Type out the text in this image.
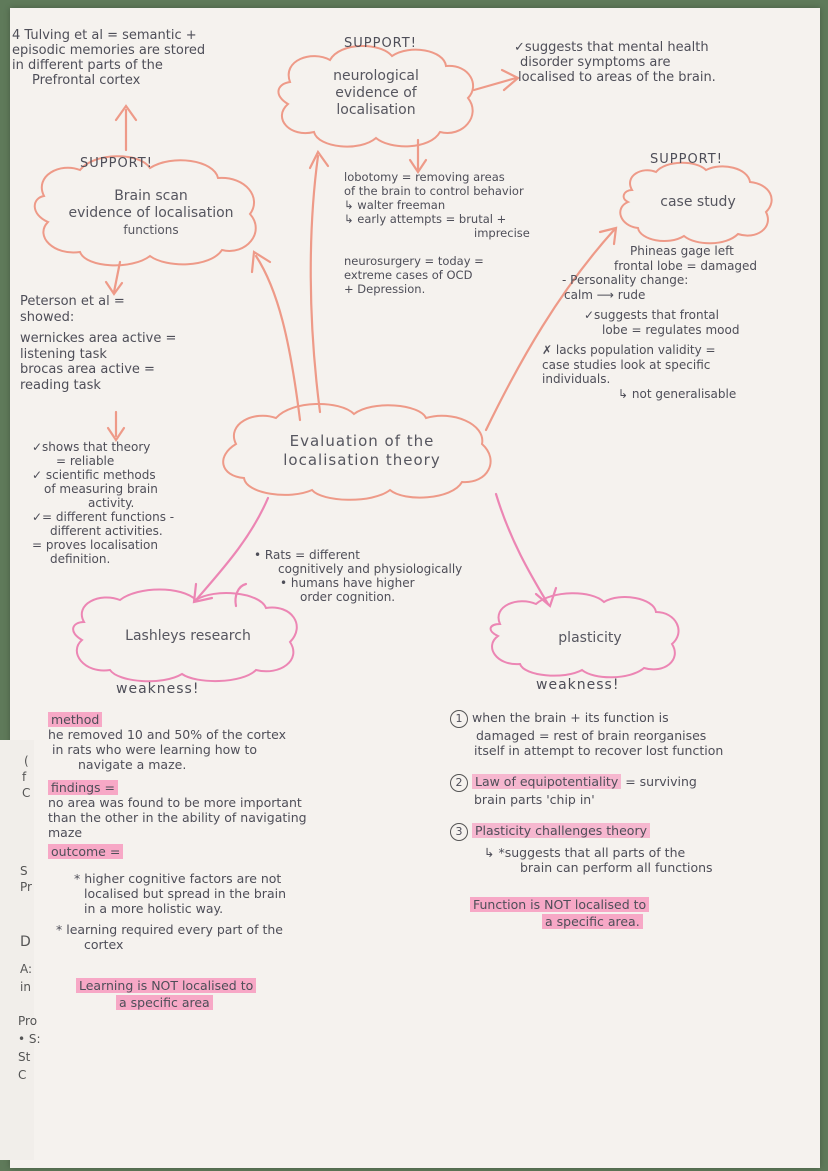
4 Tulving et al = semantic +
episodic memories are stored
in different parts of the
Prefrontal cortex
SUPPORT!
neurological
evidence of
localisation
✓suggests that mental health
disorder symptoms are
localised to areas of the brain.
lobotomy = removing areas
of the brain to control behavior
↳ walter freeman
↳ early attempts = brutal +
imprecise
neurosurgery = today =
extreme cases of OCD
+ Depression.
SUPPORT!
Brain scan
evidence of localisation
functions
Peterson et al =
showed:
wernickes area active =
listening task
brocas area active =
reading task
✓shows that theory
= reliable
✓ scientific methods
of measuring brain
activity.
✓= different functions -
different activities.
= proves localisation
definition.
SUPPORT!
case study
Phineas gage left
frontal lobe = damaged
- Personality change:
calm ⟶ rude
✓suggests that frontal
lobe = regulates mood
✗ lacks population validity =
case studies look at specific
individuals.
↳ not generalisable
Evaluation of the
localisation theory
• Rats = different
cognitively and physiologically
• humans have higher
order cognition.
Lashleys research
weakness!
method
he removed 10 and 50% of the cortex
in rats who were learning how to
navigate a maze.
findings =
no area was found to be more important
than the other in the ability of navigating
maze
outcome =
* higher cognitive factors are not
localised but spread in the brain
in a more holistic way.
* learning required every part of the
cortex
Learning is NOT localised to
a specific area
plasticity
weakness!
1 when the brain + its function is
damaged = rest of brain reorganises
itself in attempt to recover lost function
2 Law of equipotentiality = surviving
brain parts 'chip in'
3 Plasticity challenges theory
↳ *suggests that all parts of the
brain can perform all functions
Function is NOT localised to
a specific area.
(
f
C
S
Pr
D
A:
in
Pro
• S:
St
C
